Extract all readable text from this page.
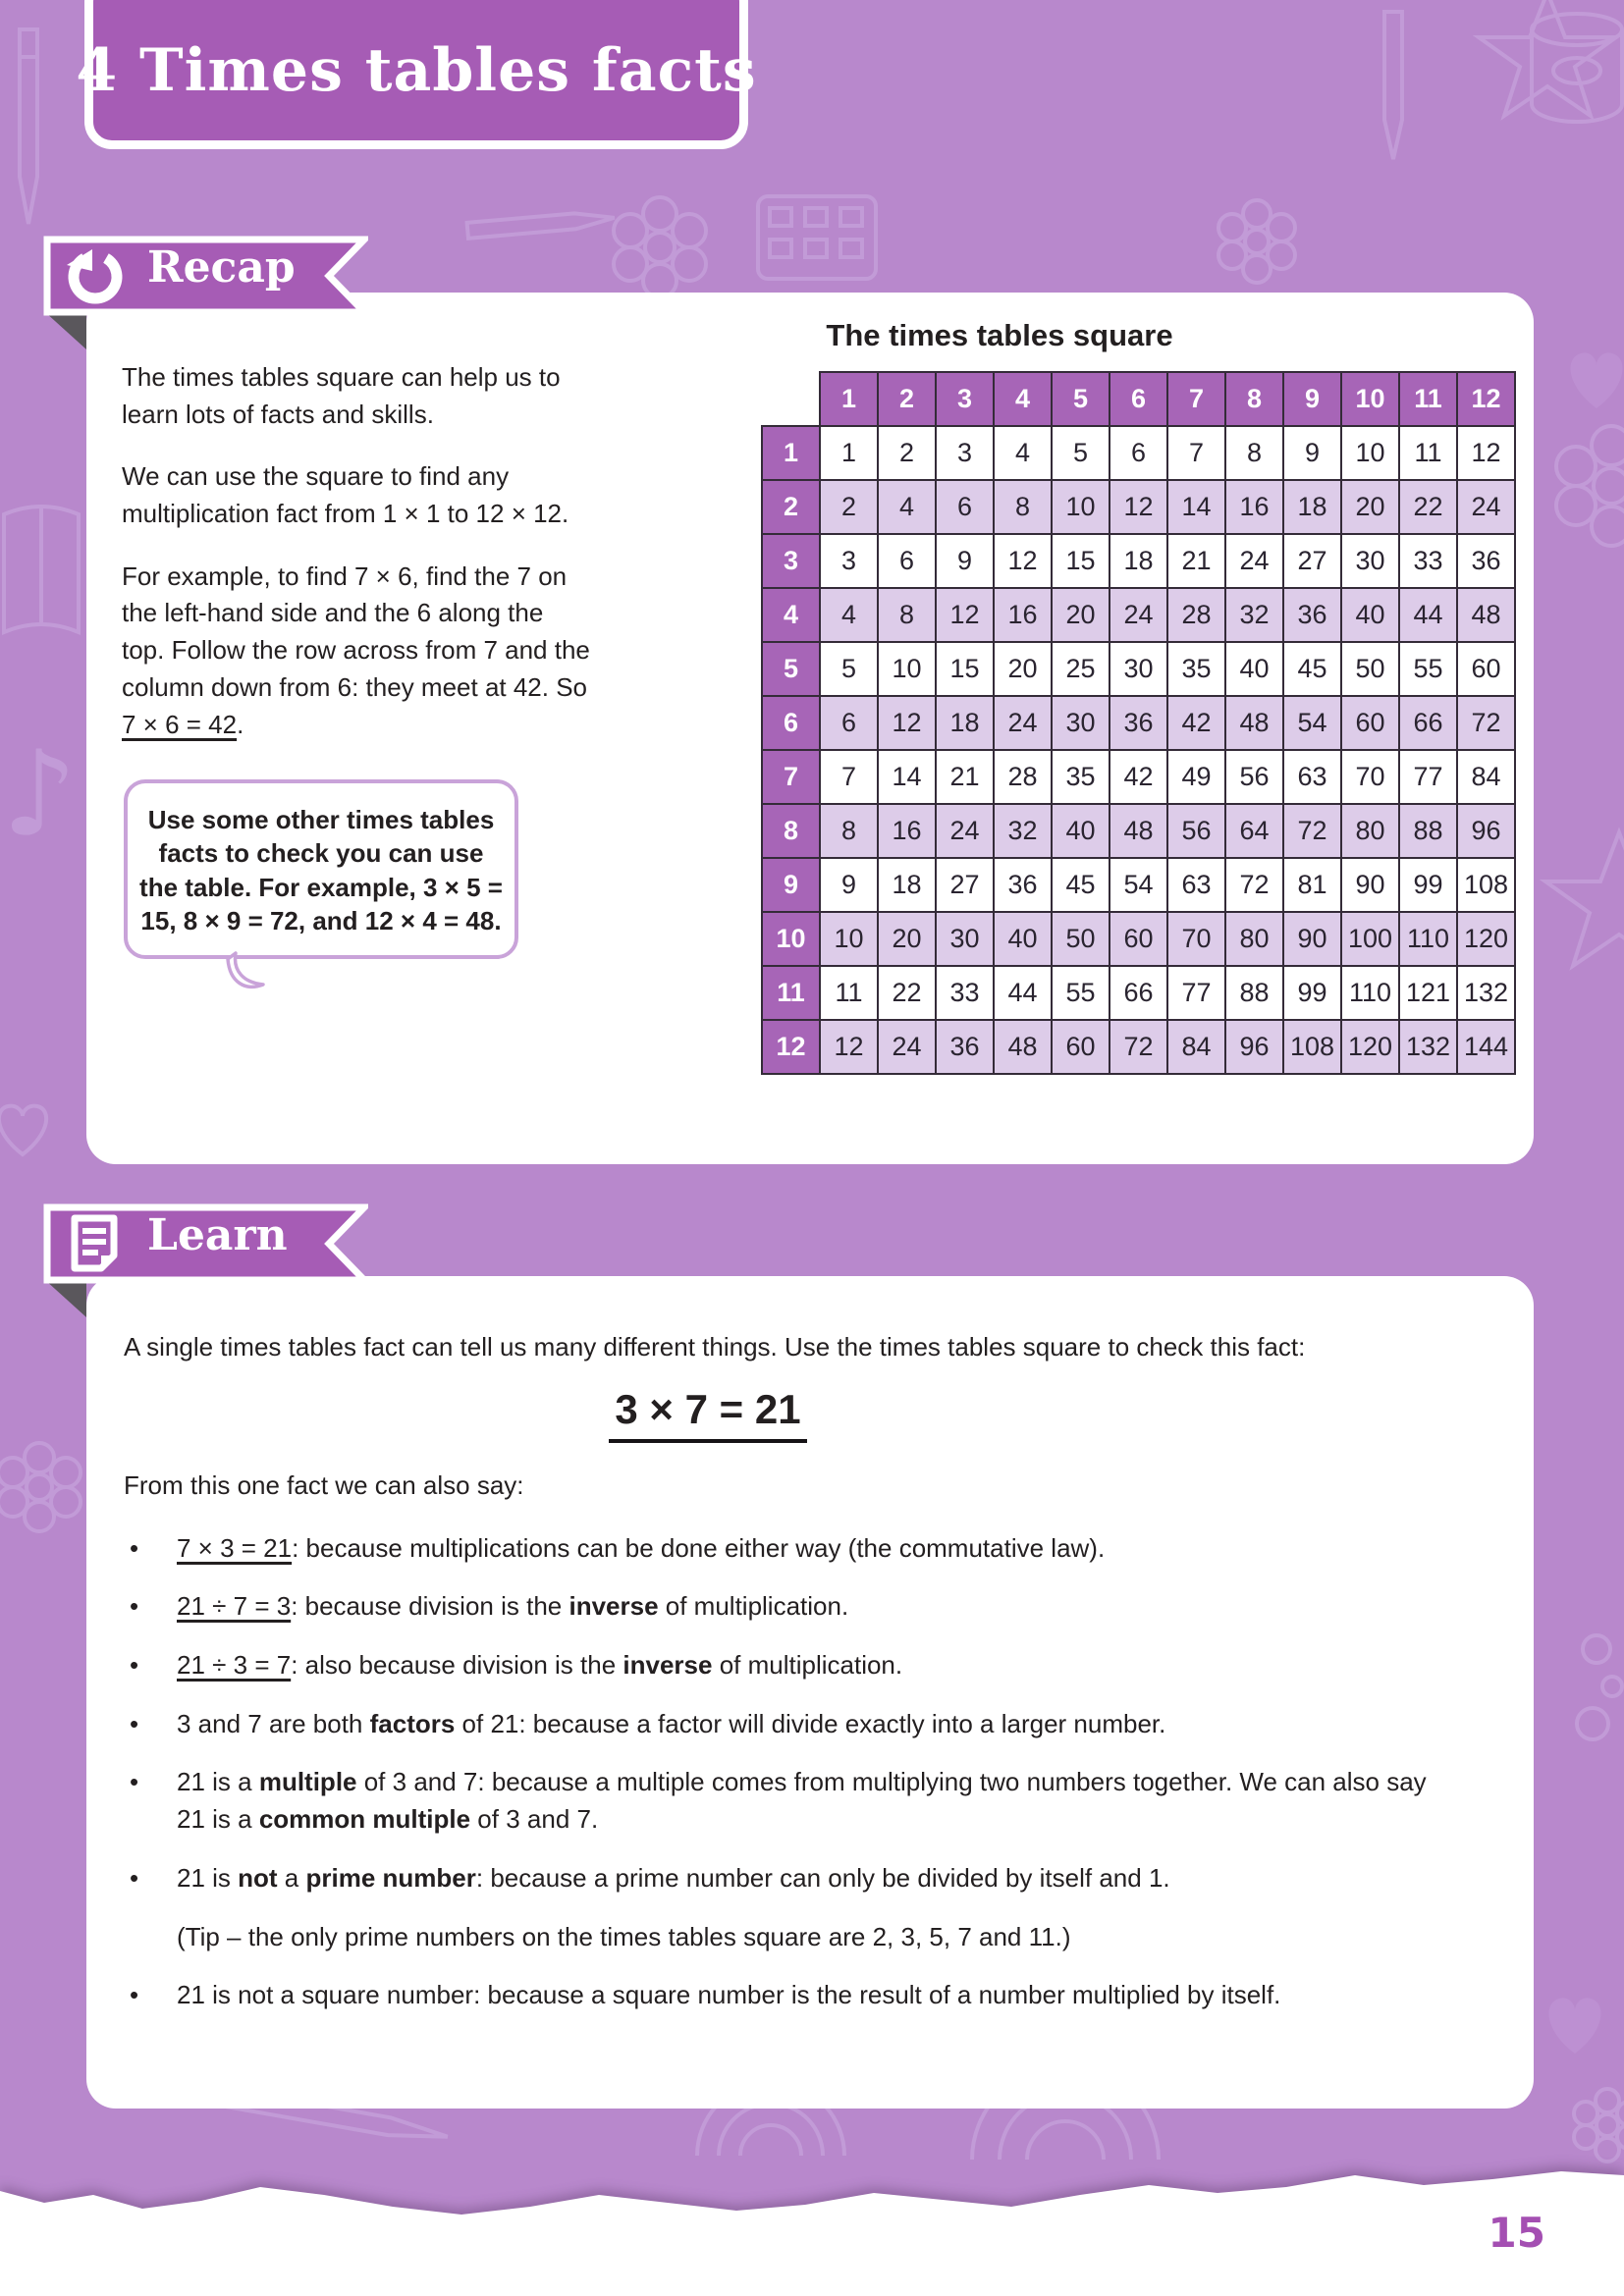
♪
4 Times tables facts

The times tables square can help us to learn lots of facts and skills.

We can use the square to find any multiplication fact from 1 × 1 to 12 × 12.

For example, to find 7 × 6, find the 7 on the left-hand side and the 6 along the top. Follow the row across from 7 and the column down from 6: they meet at 42. So 7 × 6 = 42.

Use some other times tables facts to check you can use the table. For example, 3 × 5 = 15, 8 × 9 = 72, and 12 × 4 = 48.

The times tables square
	1	2	3	4	5	6	7	8	9	10	11	12
1	1	2	3	4	5	6	7	8	9	10	11	12
2	2	4	6	8	10	12	14	16	18	20	22	24
3	3	6	9	12	15	18	21	24	27	30	33	36
4	4	8	12	16	20	24	28	32	36	40	44	48
5	5	10	15	20	25	30	35	40	45	50	55	60
6	6	12	18	24	30	36	42	48	54	60	66	72
7	7	14	21	28	35	42	49	56	63	70	77	84
8	8	16	24	32	40	48	56	64	72	80	88	96
9	9	18	27	36	45	54	63	72	81	90	99	108
10	10	20	30	40	50	60	70	80	90	100	110	120
11	11	22	33	44	55	66	77	88	99	110	121	132
12	12	24	36	48	60	72	84	96	108	120	132	144
Recap

A single times tables fact can tell us many different things. Use the times tables square to check this fact:

3 × 7 = 21

From this one fact we can also say:

•	7 × 3 = 21: because multiplications can be done either way (the commutative law).
•	21 ÷ 7 = 3: because division is the inverse of multiplication.
•	21 ÷ 3 = 7: also because division is the inverse of multiplication.
•	3 and 7 are both factors of 21: because a factor will divide exactly into a larger number.
•	21 is a multiple of 3 and 7: because a multiple comes from multiplying two numbers together. We can also say 21 is a common multiple of 3 and 7.
•	21 is not a prime number: because a prime number can only be divided by itself and 1.
(Tip – the only prime numbers on the times tables square are 2, 3, 5, 7 and 11.)
•	21 is not a square number: because a square number is the result of a number multiplied by itself.
Learn
15
